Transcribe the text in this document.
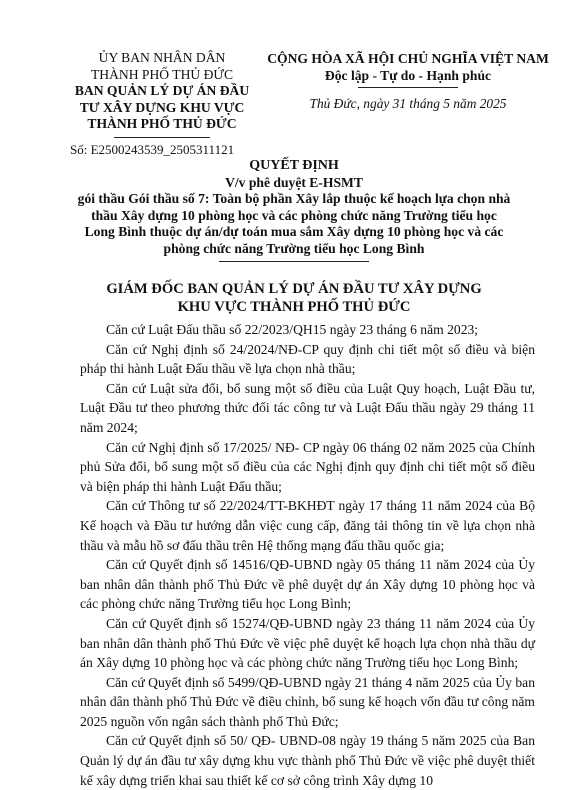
ỦY BAN NHÂN DÂN
THÀNH PHỐ THỦ ĐỨC
BAN QUẢN LÝ DỰ ÁN ĐẦU
TƯ XÂY DỰNG KHU VỰC
THÀNH PHỐ THỦ ĐỨC
Số: E2500243539_2505311121
CỘNG HÒA XÃ HỘI CHỦ NGHĨA VIỆT NAM
Độc lập - Tự do - Hạnh phúc
Thủ Đức, ngày 31 tháng 5 năm 2025
QUYẾT ĐỊNH
V/v phê duyệt E-HSMT
gói thầu Gói thầu số 7: Toàn bộ phần Xây lắp thuộc kế hoạch lựa chọn nhà
thầu Xây dựng 10 phòng học và các phòng chức năng Trường tiểu học
Long Bình thuộc dự án/dự toán mua sắm Xây dựng 10 phòng học và các
phòng chức năng Trường tiểu học Long Bình
GIÁM ĐỐC BAN QUẢN LÝ DỰ ÁN ĐẦU TƯ XÂY DỰNG
KHU VỰC THÀNH PHỐ THỦ ĐỨC

Căn cứ Luật Đấu thầu số 22/2023/QH15 ngày 23 tháng 6 năm 2023;

Căn cứ Nghị định số 24/2024/NĐ-CP quy định chi tiết một số điều và biện pháp thi hành Luật Đấu thầu về lựa chọn nhà thầu;

Căn cứ Luật sửa đổi, bổ sung một số điều của Luật Quy hoạch, Luật Đầu tư, Luật Đầu tư theo phương thức đối tác công tư và Luật Đấu thầu ngày 29 tháng 11 năm 2024;

Căn cứ Nghị định số 17/2025/ NĐ- CP ngày 06 tháng 02 năm 2025 của Chính phủ Sửa đổi, bổ sung một số điều của các Nghị định quy định chi tiết một số điều và biện pháp thi hành Luật Đấu thầu;

Căn cứ Thông tư số 22/2024/TT-BKHĐT ngày 17 tháng 11 năm 2024 của Bộ Kế hoạch và Đầu tư hướng dẫn việc cung cấp, đăng tải thông tin về lựa chọn nhà thầu và mẫu hồ sơ đấu thầu trên Hệ thống mạng đấu thầu quốc gia;

Căn cứ Quyết định số 14516/QĐ-UBND ngày 05 tháng 11 năm 2024 của Ủy ban nhân dân thành phố Thủ Đức về phê duyệt dự án Xây dựng 10 phòng học và các phòng chức năng Trường tiểu học Long Bình;

Căn cứ Quyết định số 15274/QĐ-UBND ngày 23 tháng 11 năm 2024 của Ủy ban nhân dân thành phố Thủ Đức về việc phê duyệt kế hoạch lựa chọn nhà thầu dự án Xây dựng 10 phòng học và các phòng chức năng Trường tiểu học Long Bình;

Căn cứ Quyết định số 5499/QĐ-UBND ngày 21 tháng 4 năm 2025 của Ủy ban nhân dân thành phố Thủ Đức về điều chỉnh, bổ sung kế hoạch vốn đầu tư công năm 2025 nguồn vốn ngân sách thành phố Thủ Đức;

Căn cứ Quyết định số 50/ QĐ- UBND-08 ngày 19 tháng 5 năm 2025 của Ban Quản lý dự án đầu tư xây dựng khu vực thành phố Thủ Đức về việc phê duyệt thiết kế xây dựng triển khai sau thiết kế cơ sở công trình Xây dựng 10
